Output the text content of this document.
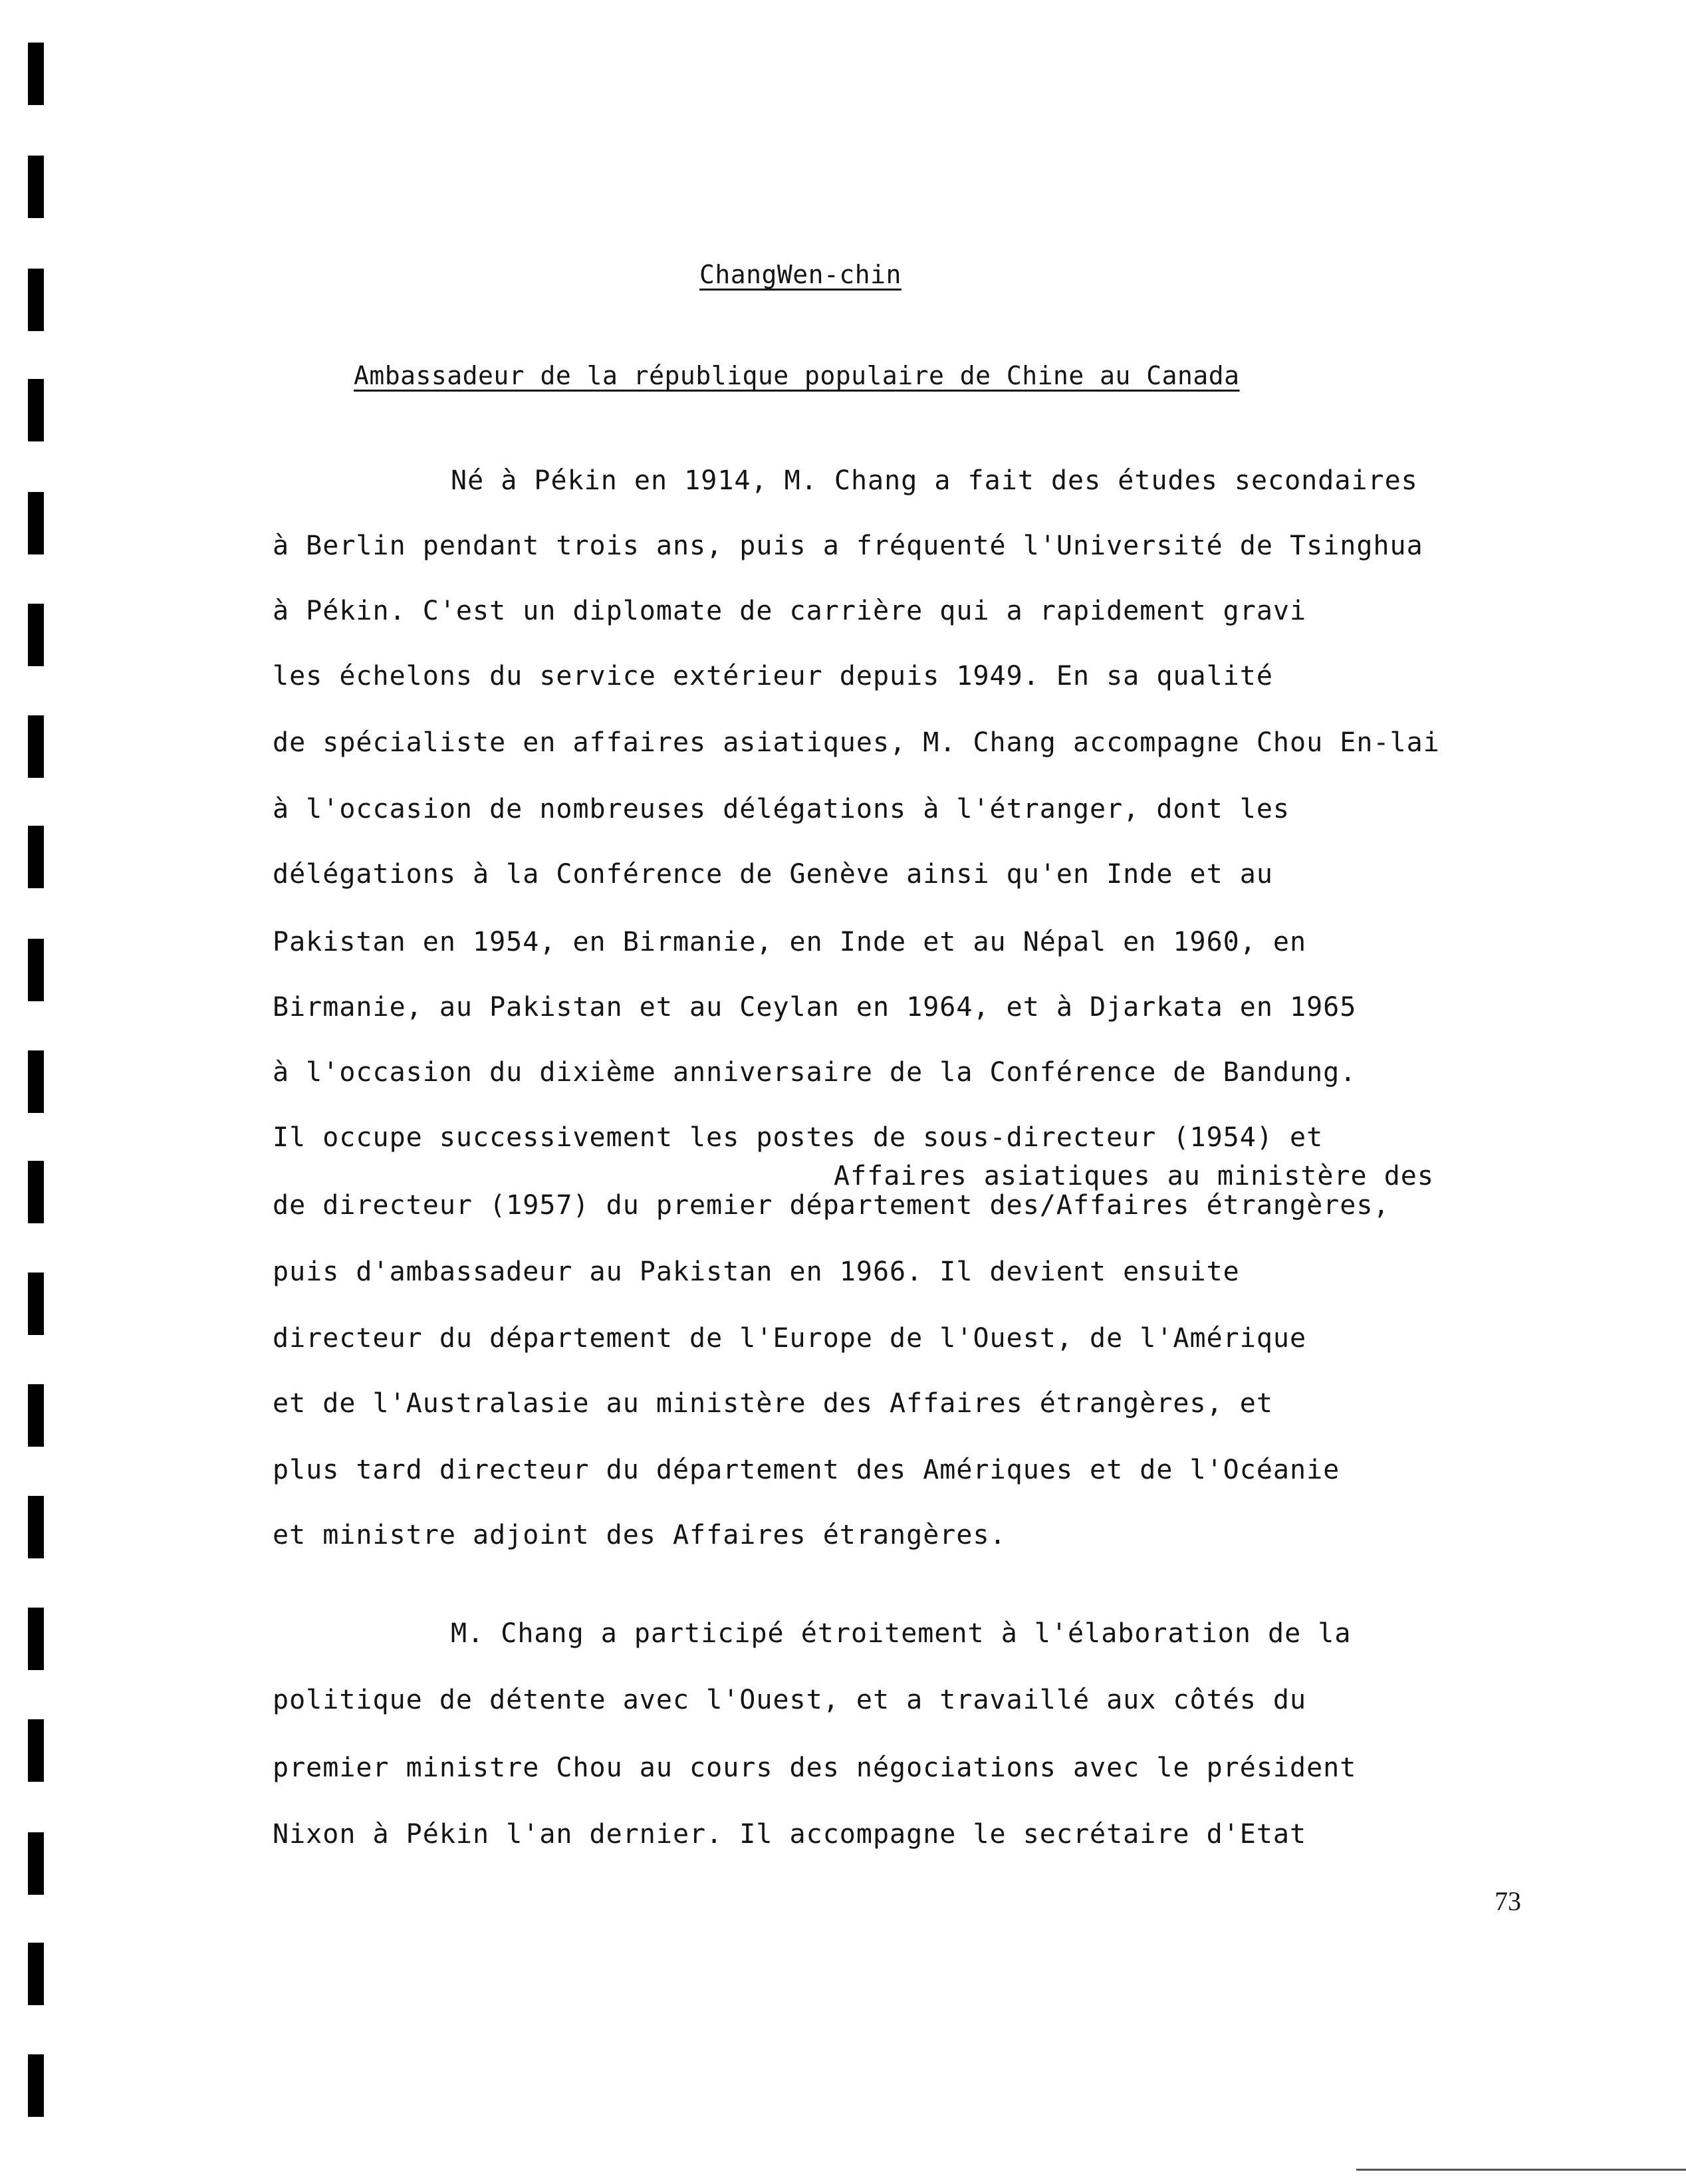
ChangWen-chin
Ambassadeur de la république populaire de Chine au Canada
Né à Pékin en 1914, M. Chang a fait des études secondaires
à Berlin pendant trois ans, puis a fréquenté l'Université de Tsinghua
à Pékin. C'est un diplomate de carrière qui a rapidement gravi
les échelons du service extérieur depuis 1949. En sa qualité
de spécialiste en affaires asiatiques, M. Chang accompagne Chou En-lai
à l'occasion de nombreuses délégations à l'étranger, dont les
délégations à la Conférence de Genève ainsi qu'en Inde et au
Pakistan en 1954, en Birmanie, en Inde et au Népal en 1960, en
Birmanie, au Pakistan et au Ceylan en 1964, et à Djarkata en 1965
à l'occasion du dixième anniversaire de la Conférence de Bandung.
Il occupe successivement les postes de sous-directeur (1954) et
Affaires asiatiques au ministère des
de directeur (1957) du premier département des/Affaires étrangères,
puis d'ambassadeur au Pakistan en 1966. Il devient ensuite
directeur du département de l'Europe de l'Ouest, de l'Amérique
et de l'Australasie au ministère des Affaires étrangères, et
plus tard directeur du département des Amériques et de l'Océanie
et ministre adjoint des Affaires étrangères.
M. Chang a participé étroitement à l'élaboration de la
politique de détente avec l'Ouest, et a travaillé aux côtés du
premier ministre Chou au cours des négociations avec le président
Nixon à Pékin l'an dernier. Il accompagne le secrétaire d'Etat
73
